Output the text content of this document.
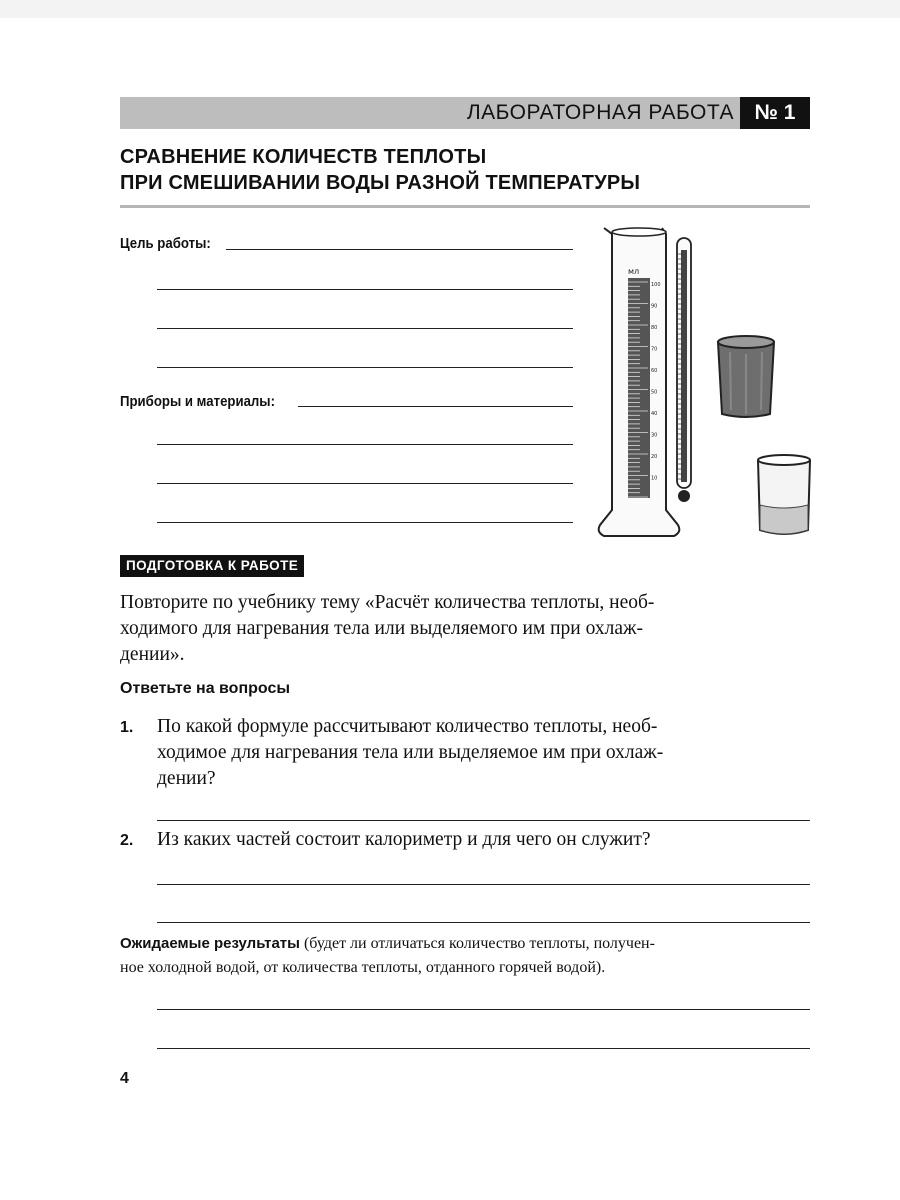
ЛАБОРАТОРНАЯ РАБОТА № 1
СРАВНЕНИЕ КОЛИЧЕСТВ ТЕПЛОТЫ
ПРИ СМЕШИВАНИИ ВОДЫ РАЗНОЙ ТЕМПЕРАТУРЫ
Цель работы:
Приборы и материалы:
мл
100
90
80
70
60
50
40
30
20
10
ПОДГОТОВКА К РАБОТЕ
Повторите по учебнику тему «Расчёт количества теплоты, необ-
ходимого для нагревания тела или выделяемого им при охлаж-
дении».
Ответьте на вопросы
1. По какой формуле рассчитывают количество теплоты, необ-
ходимое для нагревания тела или выделяемое им при охлаж-
дении?
2. Из каких частей состоит калориметр и для чего он служит?
Ожидаемые результаты (будет ли отличаться количество теплоты, получен-
ное холодной водой, от количества теплоты, отданного горячей водой).
4
